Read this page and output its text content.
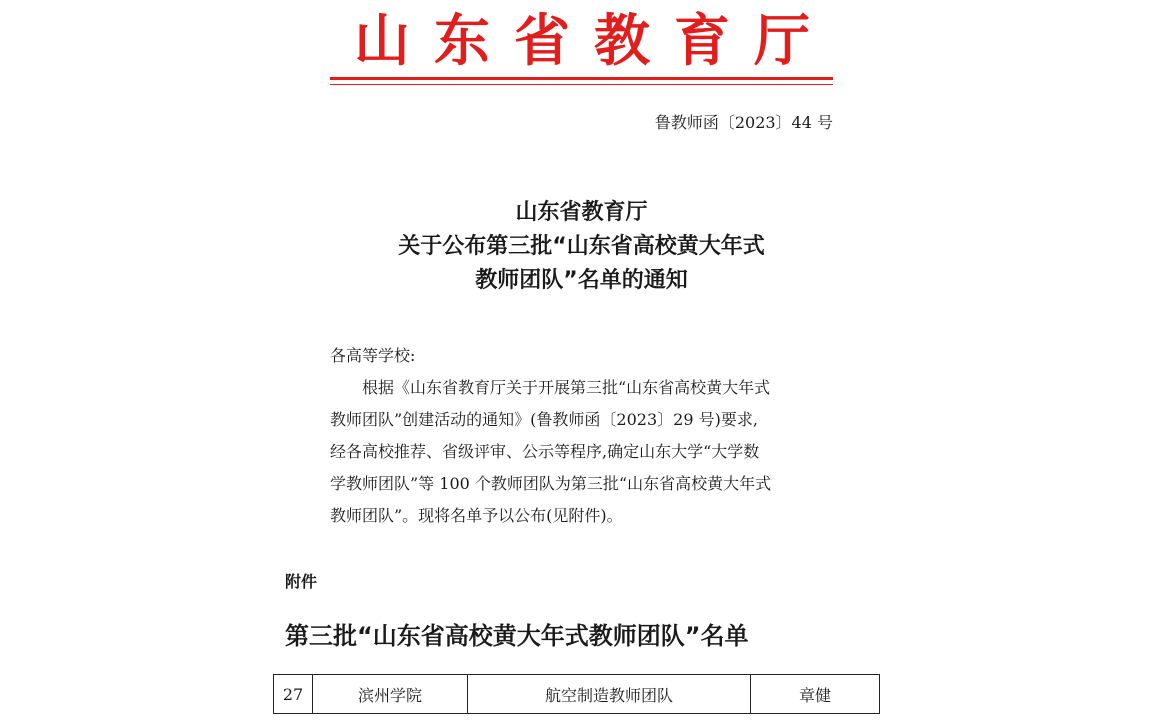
山东省教育厅
鲁教师函〔2023〕44 号
山东省教育厅
关于公布第三批“山东省高校黄大年式
教师团队”名单的通知
各高等学校:
根据《山东省教育厅关于开展第三批“山东省高校黄大年式
教师团队”创建活动的通知》(鲁教师函〔2023〕29 号)要求,
经各高校推荐、省级评审、公示等程序,确定山东大学“大学数
学教师团队”等 100 个教师团队为第三批“山东省高校黄大年式
教师团队”。现将名单予以公布(见附件)。
附件
第三批“山东省高校黄大年式教师团队”名单
27	滨州学院	航空制造教师团队	章健
